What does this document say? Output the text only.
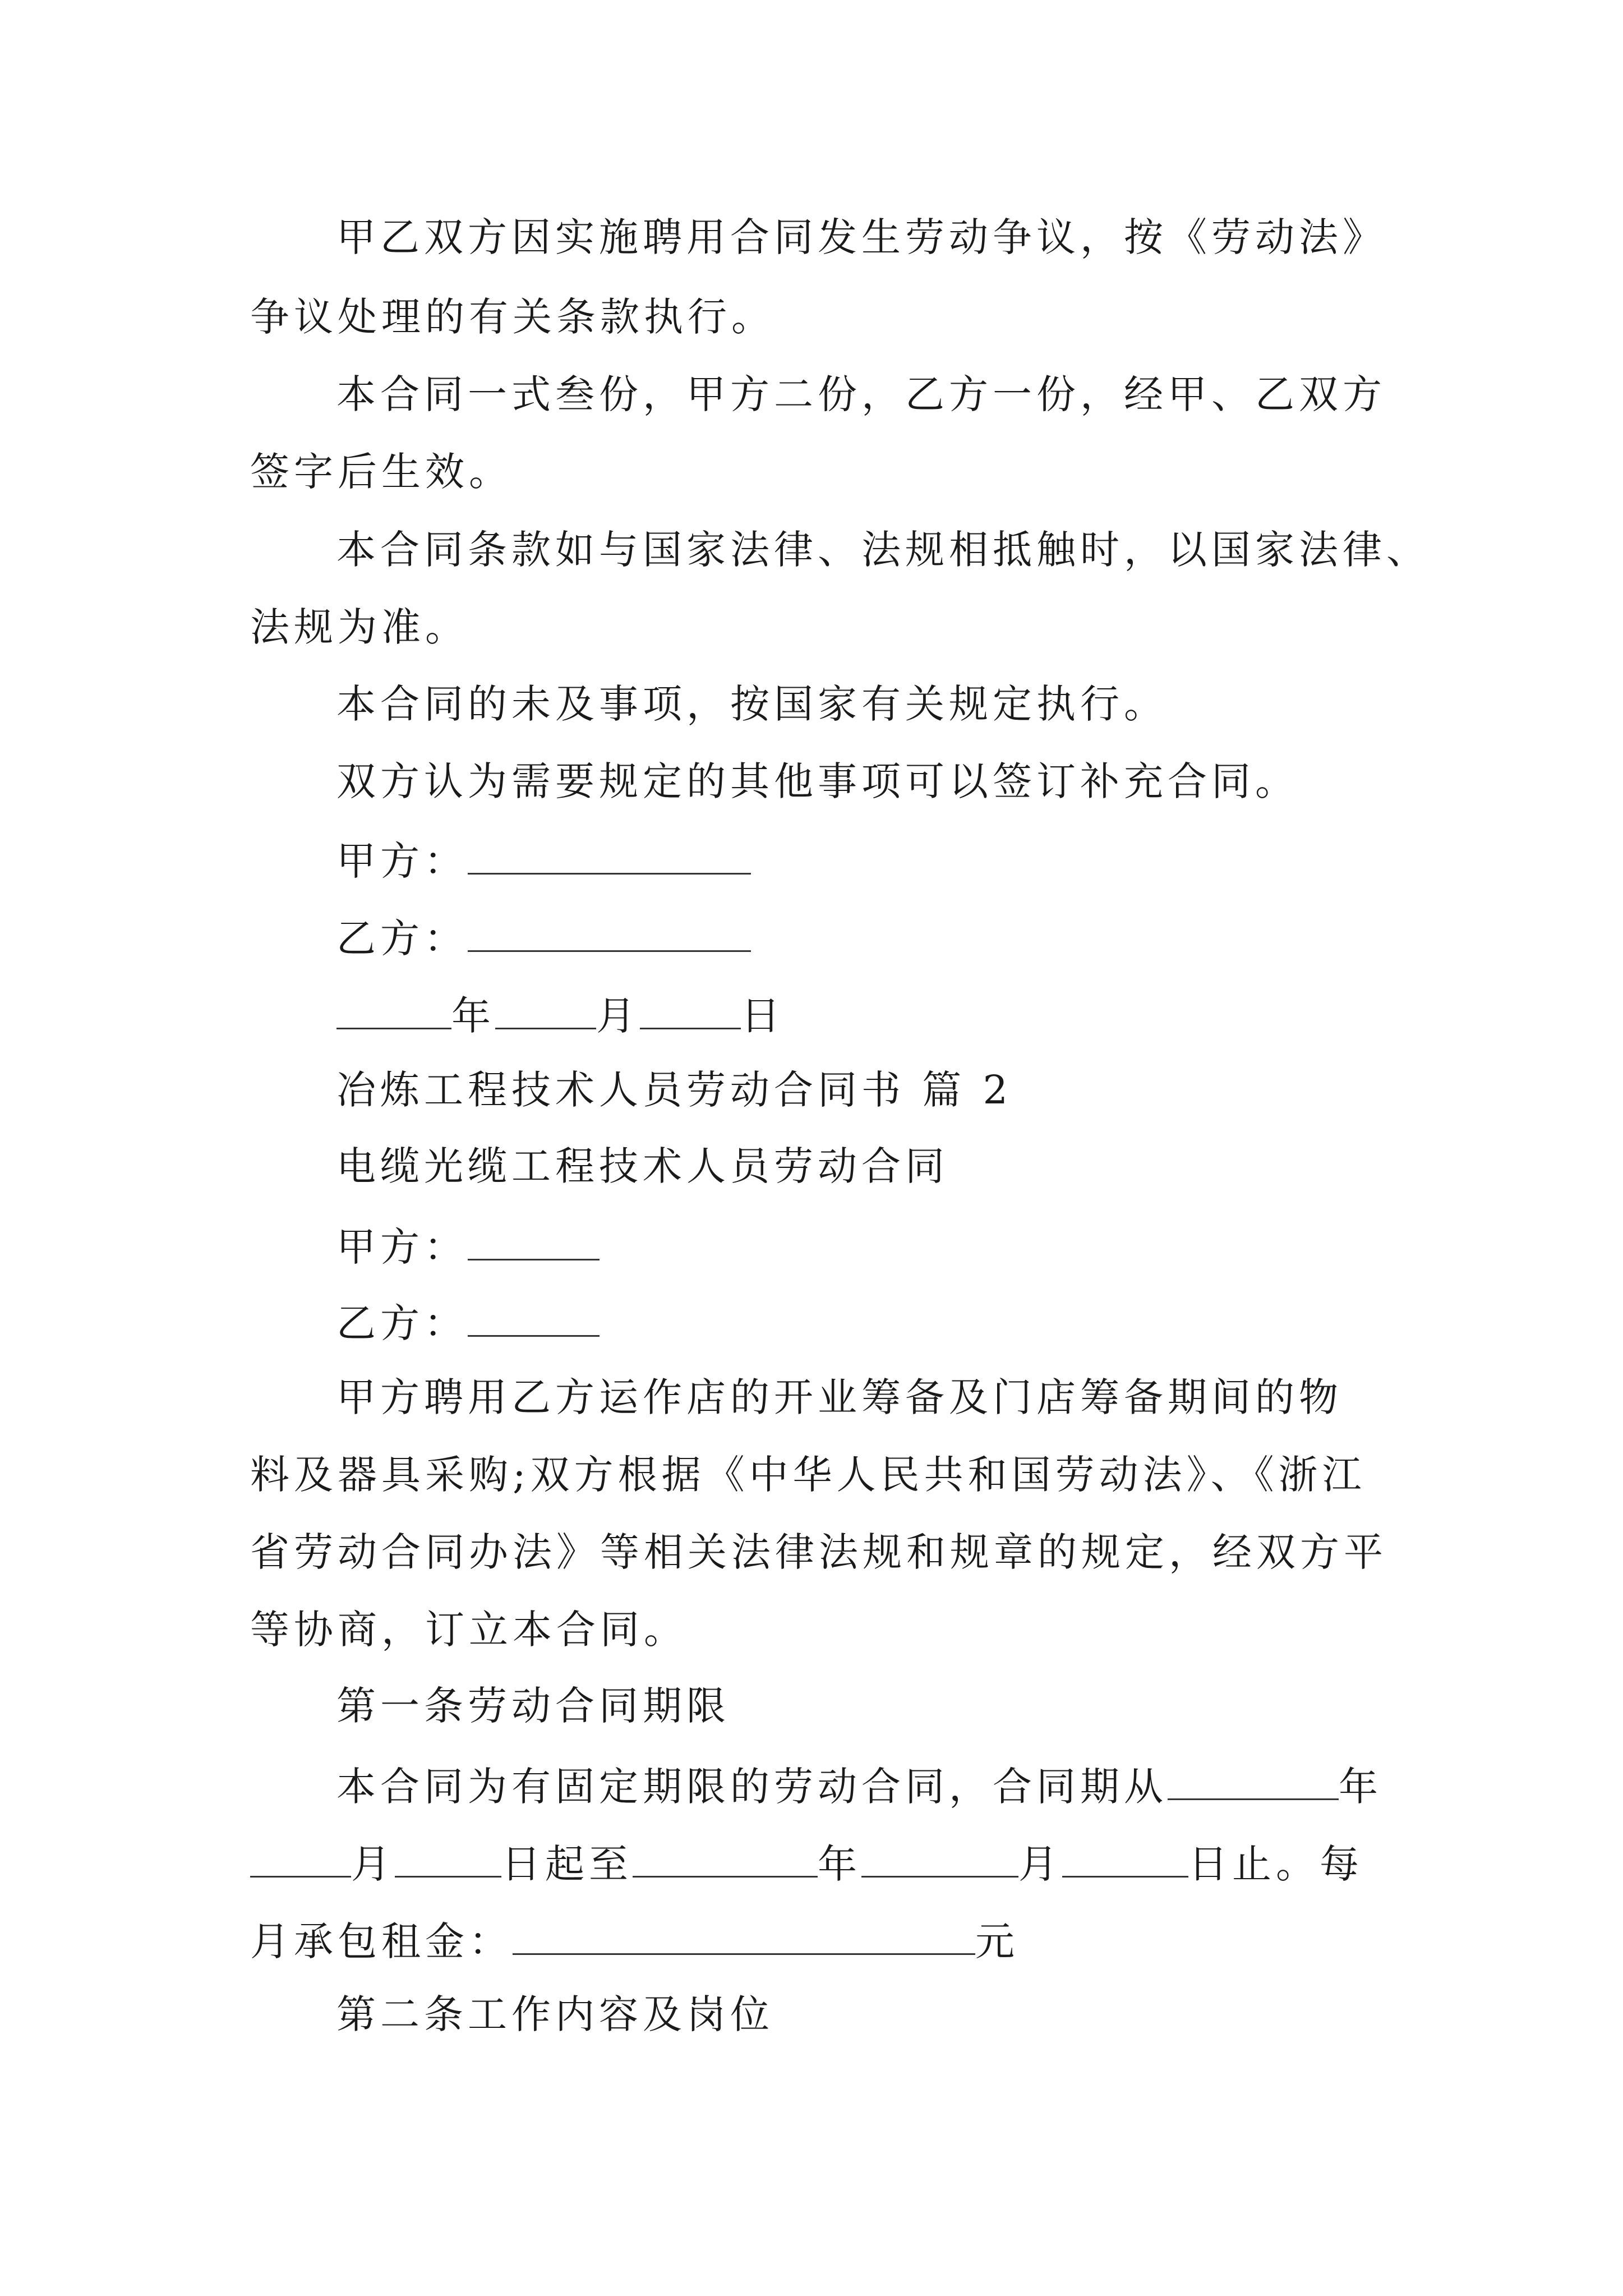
甲乙双方因实施聘用合同发生劳动争议，按《劳动法》
争议处理的有关条款执行。
本合同一式叁份，甲方二份，乙方一份，经甲、乙双方
签字后生效。
本合同条款如与国家法律、法规相抵触时，以国家法律、
法规为准。
本合同的未及事项，按国家有关规定执行。
双方认为需要规定的其他事项可以签订补充合同。
甲方：
乙方：
年	月	日
冶炼工程技术人员劳动合同书 篇 2
电缆光缆工程技术人员劳动合同
甲方：
乙方：
甲方聘用乙方运作店的开业筹备及门店筹备期间的物
料及器具采购;双方根据《中华人民共和国劳动法》、《浙江
省劳动合同办法》等相关法律法规和规章的规定，经双方平
等协商，订立本合同。
第一条劳动合同期限
本合同为有固定期限的劳动合同，合同期从	年
月	日起至	年	月	日止。每
月承包租金：	元
第二条工作内容及岗位
